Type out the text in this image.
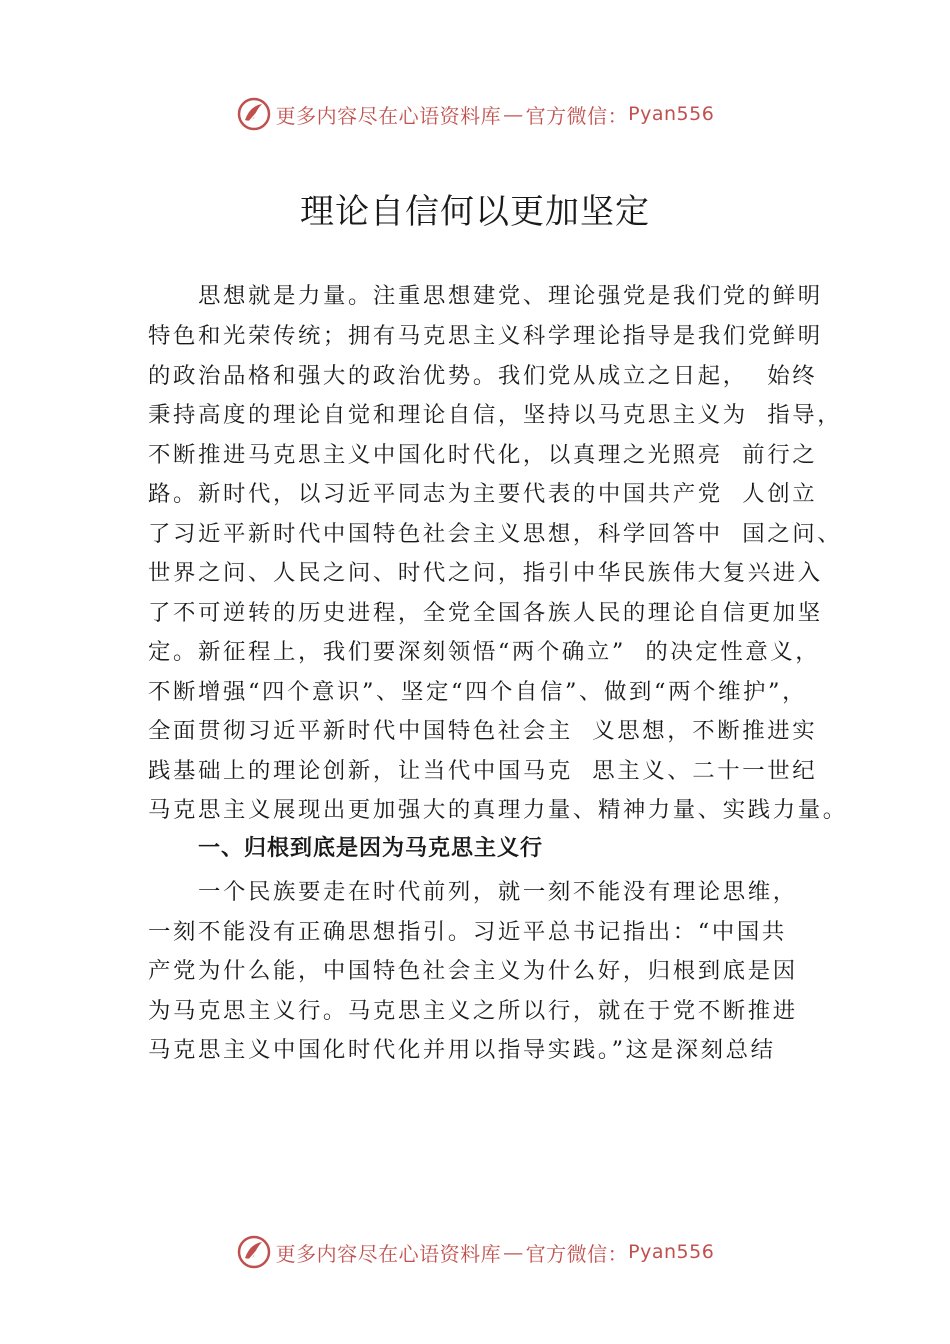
更多内容尽在心语资料库 — 官方微信： Pyan556
理论自信何以更加坚定

思想就是力量。注重思想建党、理论强党是我们党的鲜明

特色和光荣传统；拥有马克思主义科学理论指导是我们党鲜明

的政治品格和强大的政治优势。我们党从成立之日起，  始终

秉持高度的理论自觉和理论自信，坚持以马克思主义为  指导，

不断推进马克思主义中国化时代化，以真理之光照亮  前行之

路。新时代，以习近平同志为主要代表的中国共产党  人创立

了习近平新时代中国特色社会主义思想，科学回答中  国之问、

世界之问、人民之问、时代之问，指引中华民族伟大复兴进入

了不可逆转的历史进程，全党全国各族人民的理论自信更加坚

定。新征程上，我们要深刻领悟“两个确立”  的决定性意义，

不断增强“四个意识”、坚定“四个自信”、做到“两个维护”，

全面贯彻习近平新时代中国特色社会主  义思想，不断推进实

践基础上的理论创新，让当代中国马克  思主义、二十一世纪

马克思主义展现出更加强大的真理力量、精神力量、实践力量。

一、归根到底是因为马克思主义行

一个民族要走在时代前列，就一刻不能没有理论思维，

一刻不能没有正确思想指引。习近平总书记指出：“中国共

产党为什么能，中国特色社会主义为什么好，归根到底是因

为马克思主义行。马克思主义之所以行，就在于党不断推进

马克思主义中国化时代化并用以指导实践。”这是深刻总结

更多内容尽在心语资料库 — 官方微信： Pyan556
